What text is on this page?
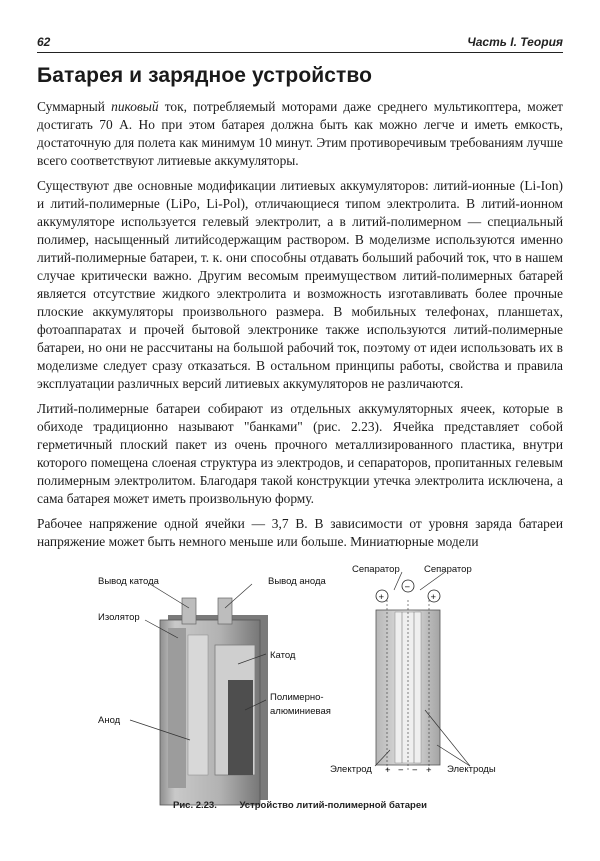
62	Часть I. Теория
Батарея и зарядное устройство

Суммарный пиковый ток, потребляемый моторами даже среднего мультикоптера, может достигать 70 А. Но при этом батарея должна быть как можно легче и иметь емкость, достаточную для полета как минимум 10 минут. Этим противоречивым требованиям лучше всего соответствуют литиевые аккумуляторы.

Существуют две основные модификации литиевых аккумуляторов: литий-ионные (Li-Ion) и литий-полимерные (LiPo, Li-Pol), отличающиеся типом электролита. В литий-ионном аккумуляторе используется гелевый электролит, а в литий-полимерном — специальный полимер, насыщенный литийсодержащим раствором. В моделизме используются именно литий-полимерные батареи, т. к. они способны отдавать больший рабочий ток, что в нашем случае критически важно. Другим весомым преимуществом литий-полимерных батарей является отсутствие жидкого электролита и возможность изготавливать более прочные плоские аккумуляторы произвольного размера. В мобильных телефонах, планшетах, фотоаппаратах и прочей бытовой электронике также используются литий-полимерные батареи, но они не рассчитаны на большой рабочий ток, поэтому от идеи использовать их в моделизме следует сразу отказаться. В остальном принципы работы, свойства и правила эксплуатации различных версий литиевых аккумуляторов не различаются.

Литий-полимерные батареи собирают из отдельных аккумуляторных ячеек, которые в обиходе традиционно называют "банками" (рис. 2.23). Ячейка представляет собой герметичный плоский пакет из очень прочного металлизированного пластика, внутри которого помещена слоеная структура из электродов, и сепараторов, пропитанных гелевым полимерным электролитом. Благодаря такой конструкции утечка электролита исключена, а сама батарея может иметь произвольную форму.

Рабочее напряжение одной ячейки — 3,7 В. В зависимости от уровня заряда батареи напряжение может быть немного меньше или больше. Миниатюрные модели

Вывод катода	Вывод анода
Изолятор
Катод
Полимерно-
алюминиевая
Анод
+
−
+
Сепаратор	Сепаратор
Электрод	Электроды
+ − − +
Рис. 2.23. Устройство литий-полимерной батареи
